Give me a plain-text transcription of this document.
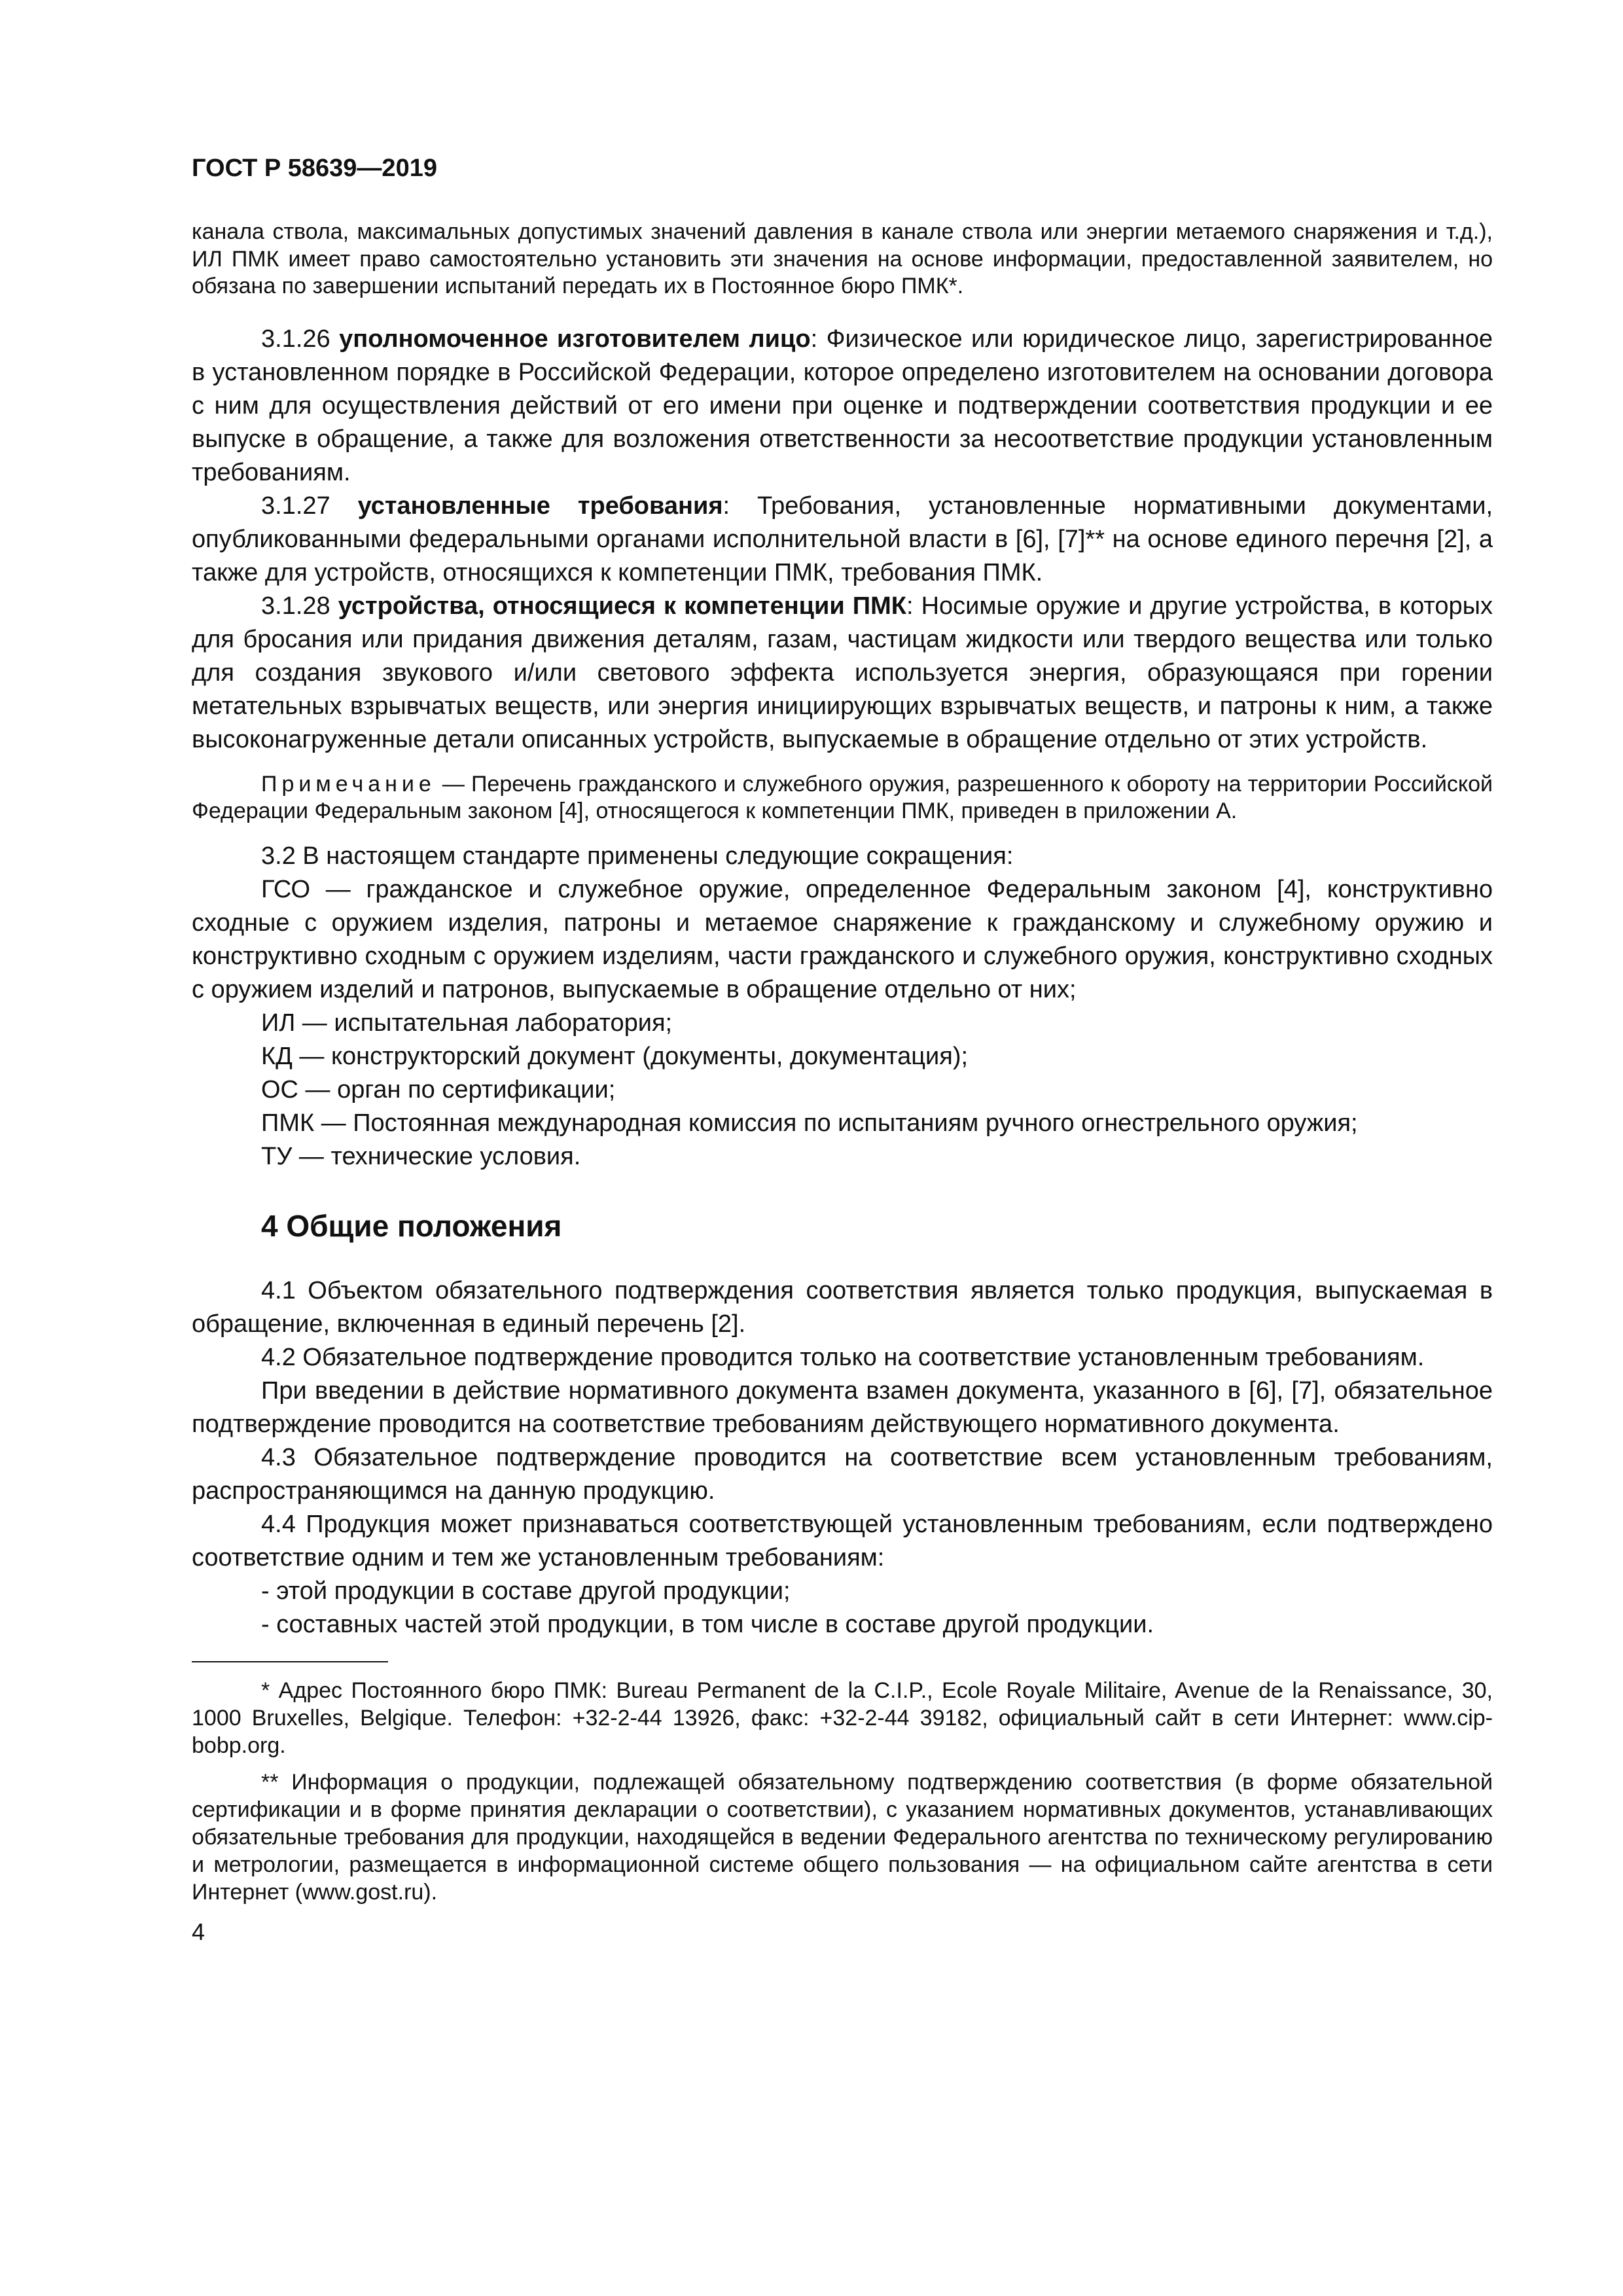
ГОСТ Р 58639—2019

канала ствола, максимальных допустимых значений давления в канале ствола или энергии метаемого снаряжения и т.д.), ИЛ ПМК имеет право самостоятельно установить эти значения на основе информации, предоставленной заявителем, но обязана по завершении испытаний передать их в Постоянное бюро ПМК*.

3.1.26 уполномоченное изготовителем лицо: Физическое или юридическое лицо, зарегистрированное в установленном порядке в Российской Федерации, которое определено изготовителем на основании договора с ним для осуществления действий от его имени при оценке и подтверждении соответствия продукции и ее выпуске в обращение, а также для возложения ответственности за несоответствие продукции установленным требованиям.

3.1.27 установленные требования: Требования, установленные нормативными документами, опубликованными федеральными органами исполнительной власти в [6], [7]** на основе единого перечня [2], а также для устройств, относящихся к компетенции ПМК, требования ПМК.

3.1.28 устройства, относящиеся к компетенции ПМК: Носимые оружие и другие устройства, в которых для бросания или придания движения деталям, газам, частицам жидкости или твердого вещества или только для создания звукового и/или светового эффекта используется энергия, образующаяся при горении метательных взрывчатых веществ, или энергия инициирующих взрывчатых веществ, и патроны к ним, а также высоконагруженные детали описанных устройств, выпускаемые в обращение отдельно от этих устройств.

Примечание — Перечень гражданского и служебного оружия, разрешенного к обороту на территории Российской Федерации Федеральным законом [4], относящегося к компетенции ПМК, приведен в приложении А.

3.2 В настоящем стандарте применены следующие сокращения:

ГСО — гражданское и служебное оружие, определенное Федеральным законом [4], конструктивно сходные с оружием изделия, патроны и метаемое снаряжение к гражданскому и служебному оружию и конструктивно сходным с оружием изделиям, части гражданского и служебного оружия, конструктивно сходных с оружием изделий и патронов, выпускаемые в обращение отдельно от них;

ИЛ — испытательная лаборатория;

КД — конструкторский документ (документы, документация);

ОС — орган по сертификации;

ПМК — Постоянная международная комиссия по испытаниям ручного огнестрельного оружия;

ТУ — технические условия.

4 Общие положения

4.1 Объектом обязательного подтверждения соответствия является только продукция, выпускаемая в обращение, включенная в единый перечень [2].

4.2 Обязательное подтверждение проводится только на соответствие установленным требованиям.

При введении в действие нормативного документа взамен документа, указанного в [6], [7], обязательное подтверждение проводится на соответствие требованиям действующего нормативного документа.

4.3 Обязательное подтверждение проводится на соответствие всем установленным требованиям, распространяющимся на данную продукцию.

4.4 Продукция может признаваться соответствующей установленным требованиям, если подтверждено соответствие одним и тем же установленным требованиям:

- этой продукции в составе другой продукции;

- составных частей этой продукции, в том числе в составе другой продукции.

* Адрес Постоянного бюро ПМК: Bureau Permanent de la C.I.P., Ecole Royale Militaire, Avenue de la Renaissance, 30, 1000 Bruxelles, Belgique. Телефон: +32-2-44 13926, факс: +32-2-44 39182, официальный сайт в сети Интернет: www.cip-bobp.org.

** Информация о продукции, подлежащей обязательному подтверждению соответствия (в форме обязательной сертификации и в форме принятия декларации о соответствии), с указанием нормативных документов, устанавливающих обязательные требования для продукции, находящейся в ведении Федерального агентства по техническому регулированию и метрологии, размещается в информационной системе общего пользования — на официальном сайте агентства в сети Интернет (www.gost.ru).

4
